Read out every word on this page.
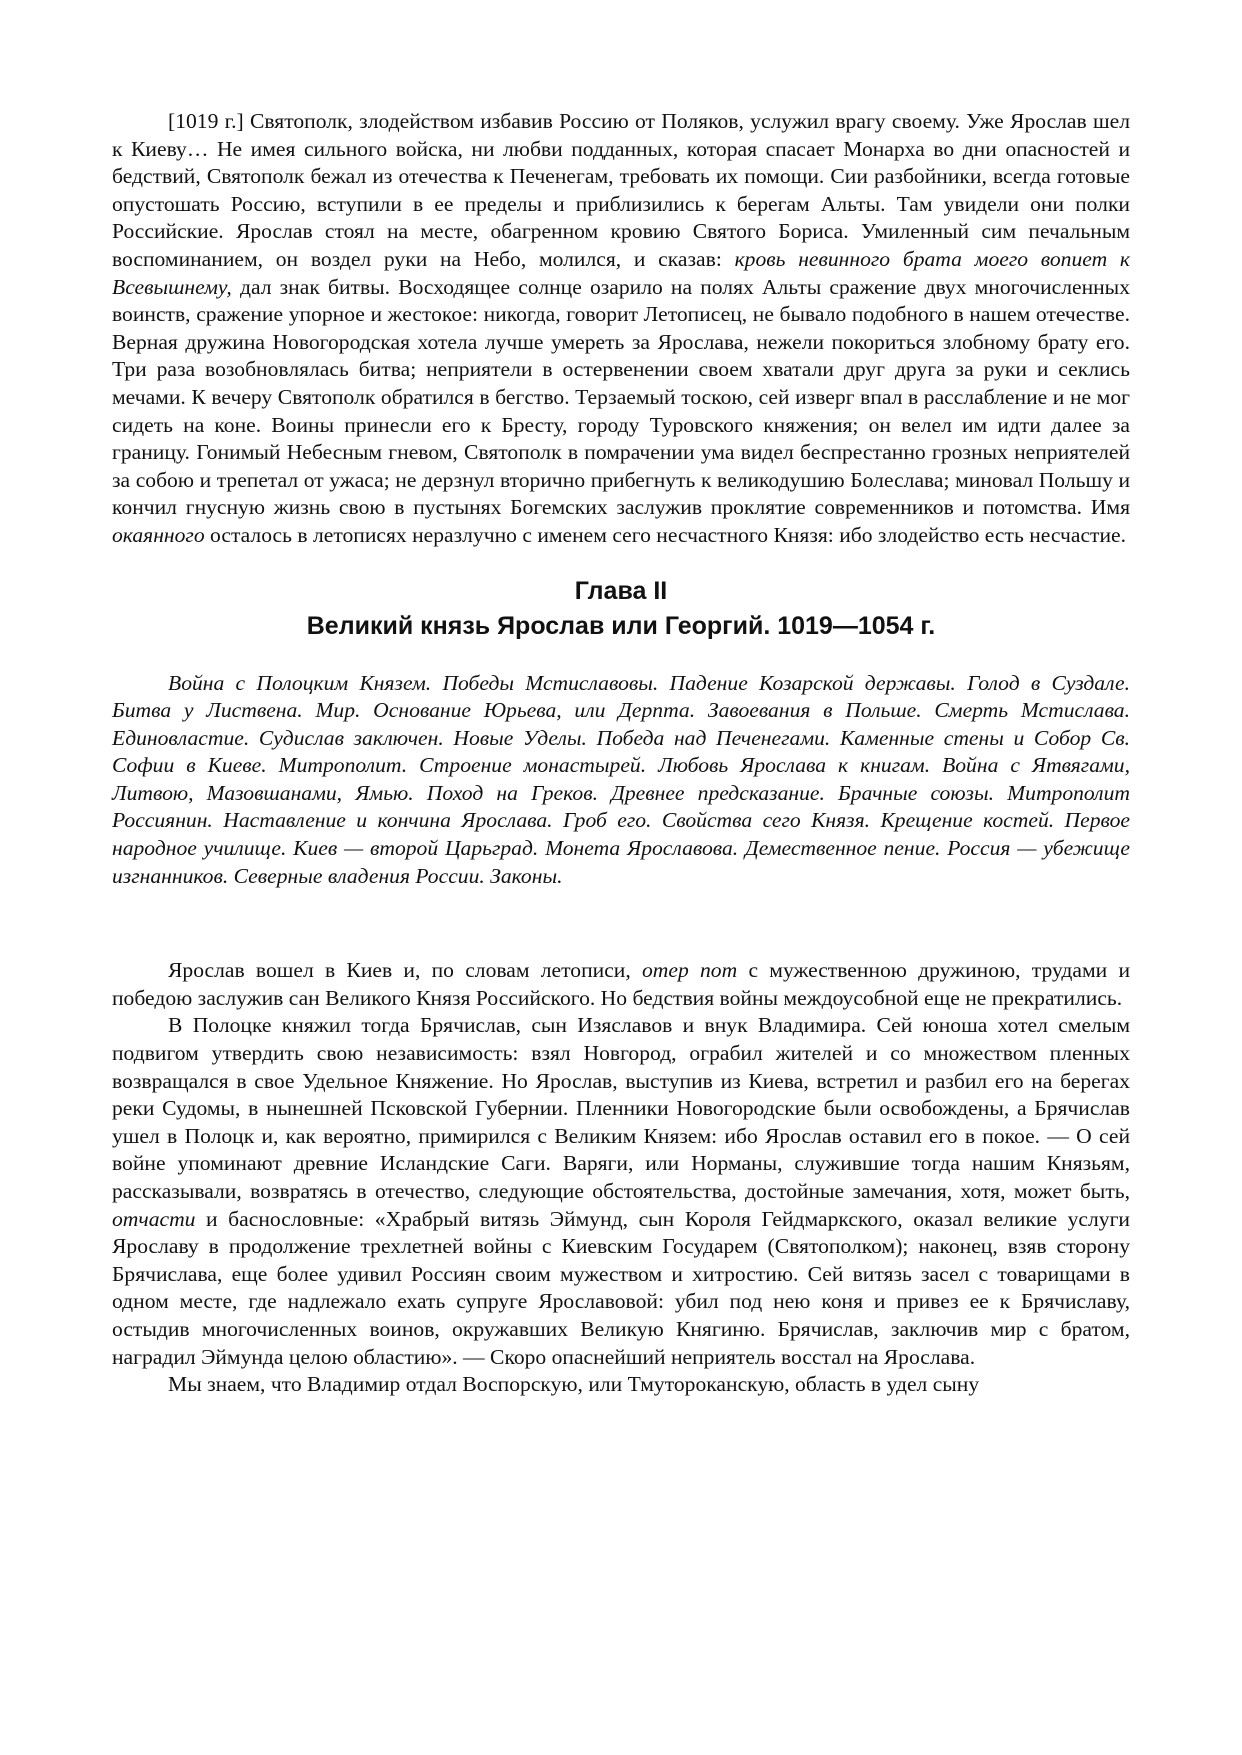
[1019 г.] Святополк, злодейством избавив Россию от Поляков, услужил врагу своему. Уже Ярослав шел к Киеву… Не имея сильного войска, ни любви подданных, которая спасает Монарха во дни опасностей и бедствий, Святополк бежал из отечества к Печенегам, требовать их помощи. Сии разбойники, всегда готовые опустошать Россию, вступили в ее пределы и приблизились к берегам Альты. Там увидели они полки Российские. Ярослав стоял на месте, обагренном кровию Святого Бориса. Умиленный сим печальным воспоминанием, он воздел руки на Небо, молился, и сказав: кровь невинного брата моего вопиет к Всевышнему, дал знак битвы. Восходящее солнце озарило на полях Альты сражение двух многочисленных воинств, сражение упорное и жестокое: никогда, говорит Летописец, не бывало подобного в нашем отечестве. Верная дружина Новогородская хотела лучше умереть за Ярослава, нежели покориться злобному брату его. Три раза возобновлялась битва; неприятели в остервенении своем хватали друг друга за руки и секлись мечами. К вечеру Святополк обратился в бегство. Терзаемый тоскою, сей изверг впал в расслабление и не мог сидеть на коне. Воины принесли его к Бресту, городу Туровского княжения; он велел им идти далее за границу. Гонимый Небесным гневом, Святополк в помрачении ума видел беспрестанно грозных неприятелей за собою и трепетал от ужаса; не дерзнул вторично прибегнуть к великодушию Болеслава; миновал Польшу и кончил гнусную жизнь свою в пустынях Богемских заслужив проклятие современников и потомства. Имя окаянного осталось в летописях неразлучно с именем сего несчастного Князя: ибо злодейство есть несчастие.

Глава II
Великий князь Ярослав или Георгий. 1019—1054 г.

Война с Полоцким Князем. Победы Мстиславовы. Падение Козарской державы. Голод в Суздале. Битва у Листвена. Мир. Основание Юрьева, или Дерпта. Завоевания в Польше. Смерть Мстислава. Единовластие. Судислав заключен. Новые Уделы. Победа над Печенегами. Каменные стены и Собор Св. Софии в Киеве. Митрополит. Строение монастырей. Любовь Ярослава к книгам. Война с Ятвягами, Литвою, Мазовшанами, Ямью. Поход на Греков. Древнее предсказание. Брачные союзы. Митрополит Россиянин. Наставление и кончина Ярослава. Гроб его. Свойства сего Князя. Крещение костей. Первое народное училище. Киев — второй Царьград. Монета Ярославова. Демественное пение. Россия — убежище изгнанников. Северные владения России. Законы.

Ярослав вошел в Киев и, по словам летописи, отер пот с мужественною дружиною, трудами и победою заслужив сан Великого Князя Российского. Но бедствия войны междоусобной еще не прекратились.

В Полоцке княжил тогда Брячислав, сын Изяславов и внук Владимира. Сей юноша хотел смелым подвигом утвердить свою независимость: взял Новгород, ограбил жителей и со множеством пленных возвращался в свое Удельное Княжение. Но Ярослав, выступив из Киева, встретил и разбил его на берегах реки Судомы, в нынешней Псковской Губернии. Пленники Новогородские были освобождены, а Брячислав ушел в Полоцк и, как вероятно, примирился с Великим Князем: ибо Ярослав оставил его в покое. — О сей войне упоминают древние Исландские Саги. Варяги, или Норманы, служившие тогда нашим Князьям, рассказывали, возвратясь в отечество, следующие обстоятельства, достойные замечания, хотя, может быть, отчасти и баснословные: «Храбрый витязь Эймунд, сын Короля Гейдмаркского, оказал великие услуги Ярославу в продолжение трехлетней войны с Киевским Государем (Святополком); наконец, взяв сторону Брячислава, еще более удивил Россиян своим мужеством и хитростию. Сей витязь засел с товарищами в одном месте, где надлежало ехать супруге Ярославовой: убил под нею коня и привез ее к Брячиславу, остыдив многочисленных воинов, окружавших Великую Княгиню. Брячислав, заключив мир с братом, наградил Эймунда целою областию». — Скоро опаснейший неприятель восстал на Ярослава.

Мы знаем, что Владимир отдал Воспорскую, или Тмутороканскую, область в удел сыну
